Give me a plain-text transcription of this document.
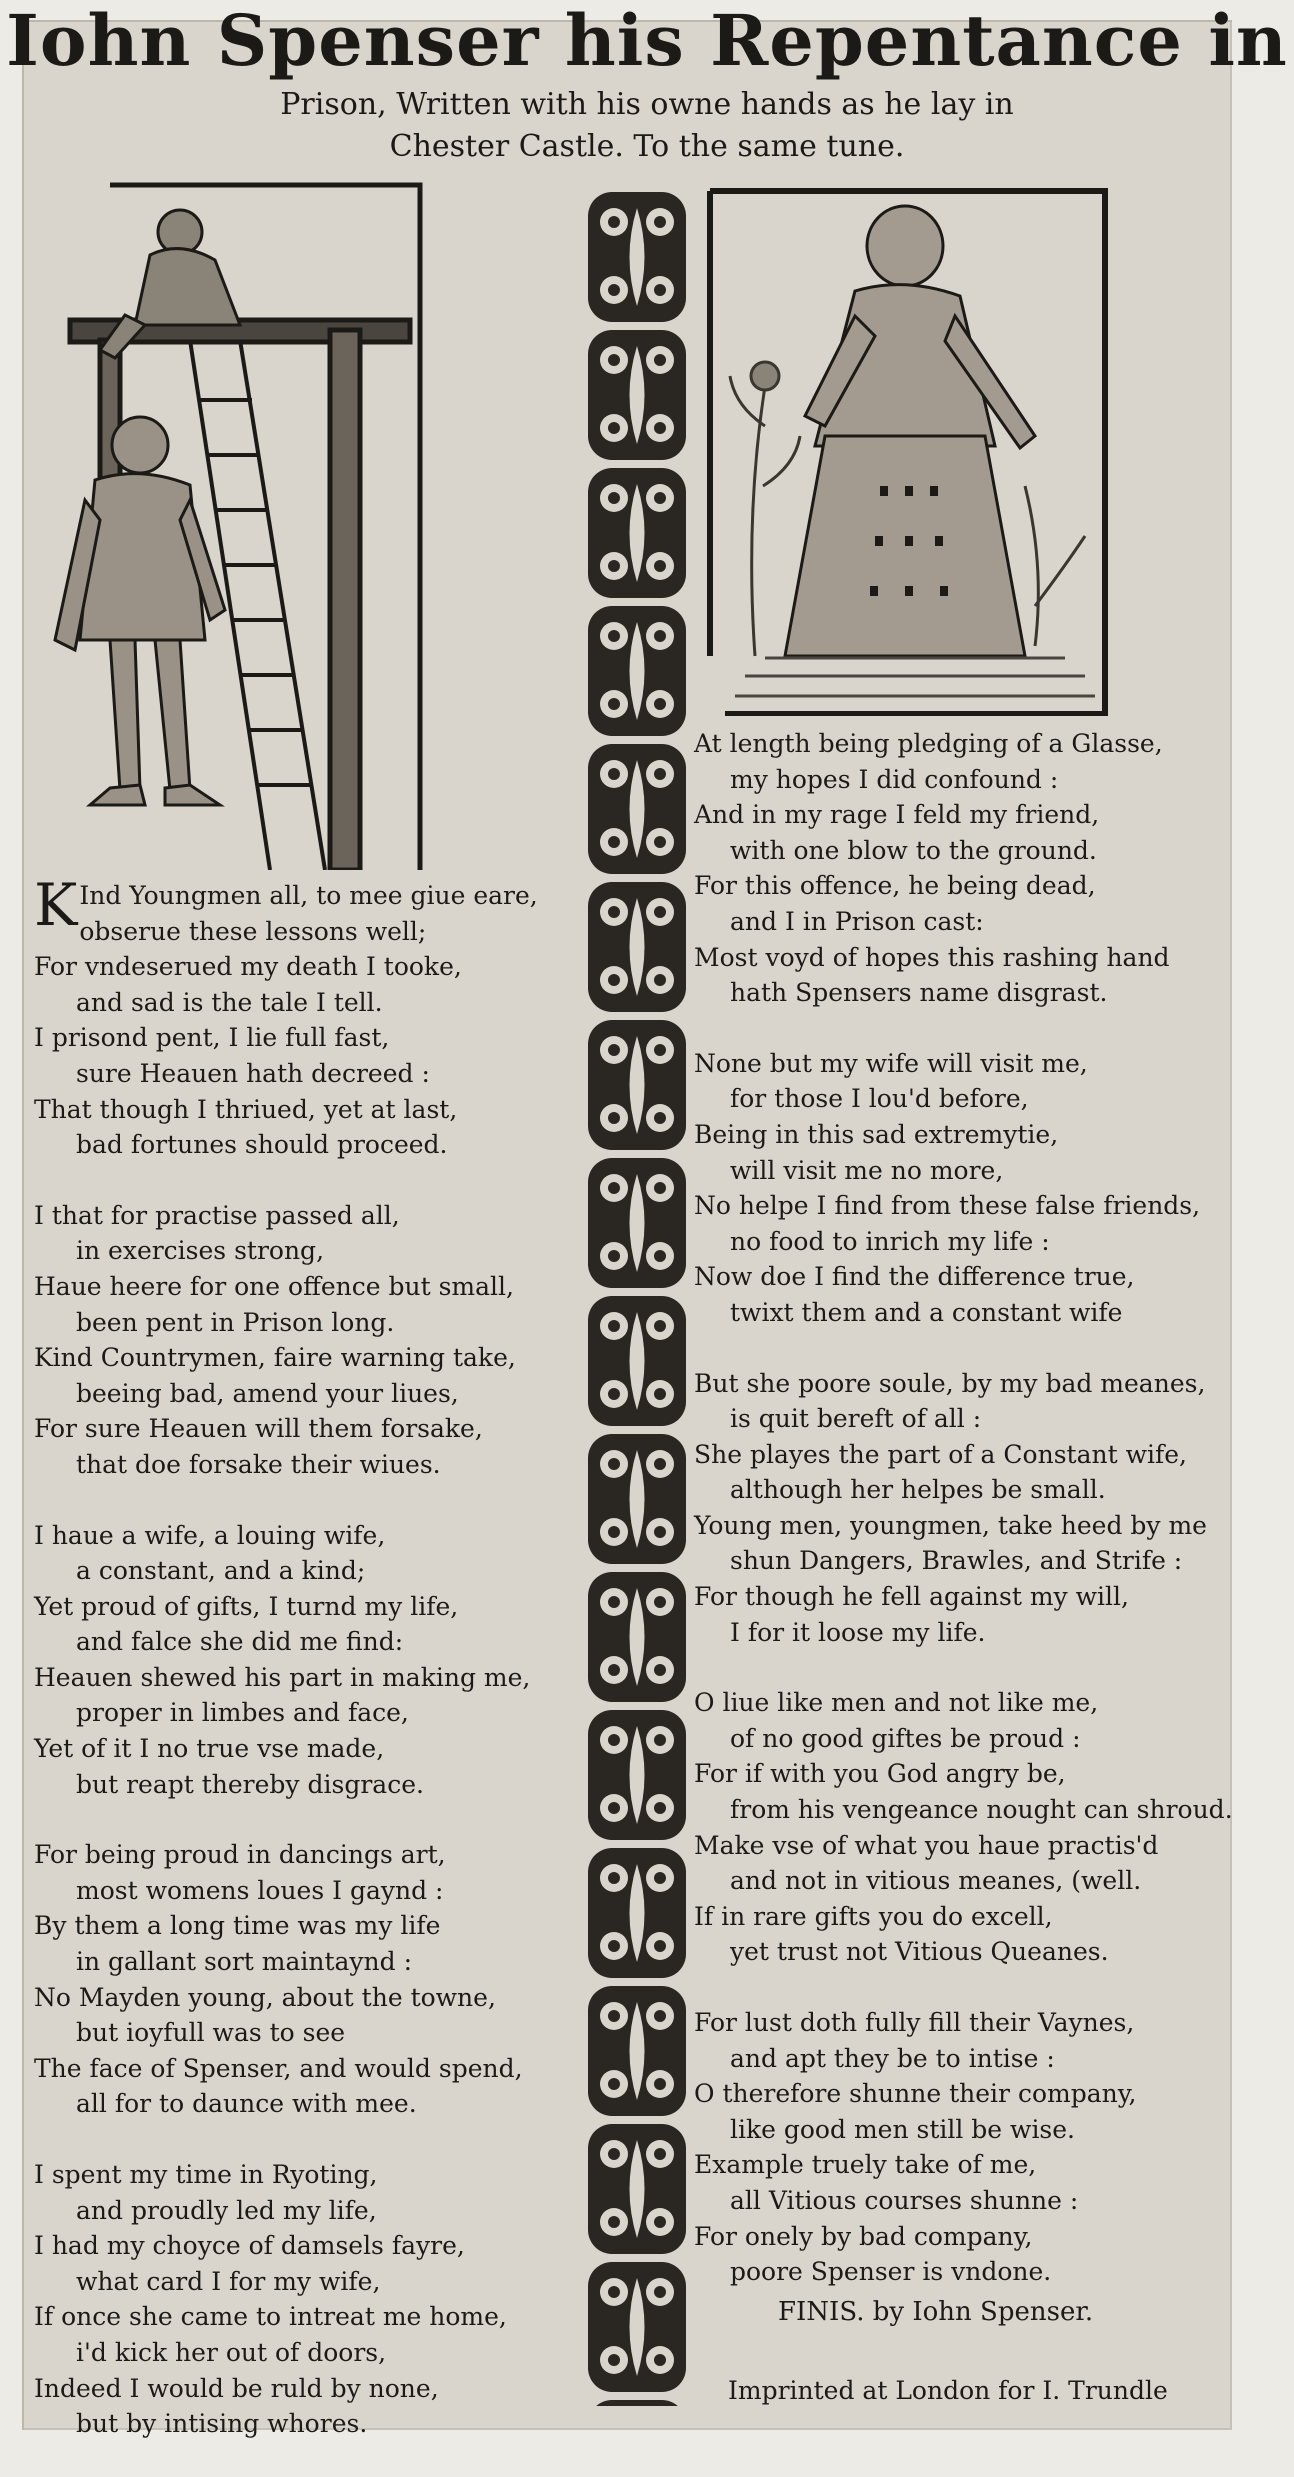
Iohn Spenser his Repentance in
Prison, Written with his owne hands as he lay in
Chester Castle. To the same tune.
K Ind Youngmen all, to mee giue eare,
obserue these lessons well;
For vndeserued my death I tooke,
and sad is the tale I tell.
I prisond pent, I lie full fast,
sure Heauen hath decreed :
That though I thriued, yet at last,
bad fortunes should proceed.
I that for practise passed all,
in exercises strong,
Haue heere for one offence but small,
been pent in Prison long.
Kind Countrymen, faire warning take,
beeing bad, amend your liues,
For sure Heauen will them forsake,
that doe forsake their wiues.
I haue a wife, a louing wife,
a constant, and a kind;
Yet proud of gifts, I turnd my life,
and falce she did me find:
Heauen shewed his part in making me,
proper in limbes and face,
Yet of it I no true vse made,
but reapt thereby disgrace.
For being proud in dancings art,
most womens loues I gaynd :
By them a long time was my life
in gallant sort maintaynd :
No Mayden young, about the towne,
but ioyfull was to see
The face of Spenser, and would spend,
all for to daunce with mee.
I spent my time in Ryoting,
and proudly led my life,
I had my choyce of damsels fayre,
what card I for my wife,
If once she came to intreat me home,
i'd kick her out of doors,
Indeed I would be ruld by none,
but by intising whores.
At length being pledging of a Glasse,
my hopes I did confound :
And in my rage I feld my friend,
with one blow to the ground.
For this offence, he being dead,
and I in Prison cast:
Most voyd of hopes this rashing hand
hath Spensers name disgrast.
None but my wife will visit me,
for those I lou'd before,
Being in this sad extremytie,
will visit me no more,
No helpe I find from these false friends,
no food to inrich my life :
Now doe I find the difference true,
twixt them and a constant wife
But she poore soule, by my bad meanes,
is quit bereft of all :
She playes the part of a Constant wife,
although her helpes be small.
Young men, youngmen, take heed by me
shun Dangers, Brawles, and Strife :
For though he fell against my will,
I for it loose my life.
O liue like men and not like me,
of no good giftes be proud :
For if with you God angry be,
from his vengeance nought can shroud.
Make vse of what you haue practis'd
and not in vitious meanes, (well.
If in rare gifts you do excell,
yet trust not Vitious Queanes.
For lust doth fully fill their Vaynes,
and apt they be to intise :
O therefore shunne their company,
like good men still be wise.
Example truely take of me,
all Vitious courses shunne :
For onely by bad company,
poore Spenser is vndone.
FINIS. by Iohn Spenser.
Imprinted at London for I. Trundle
